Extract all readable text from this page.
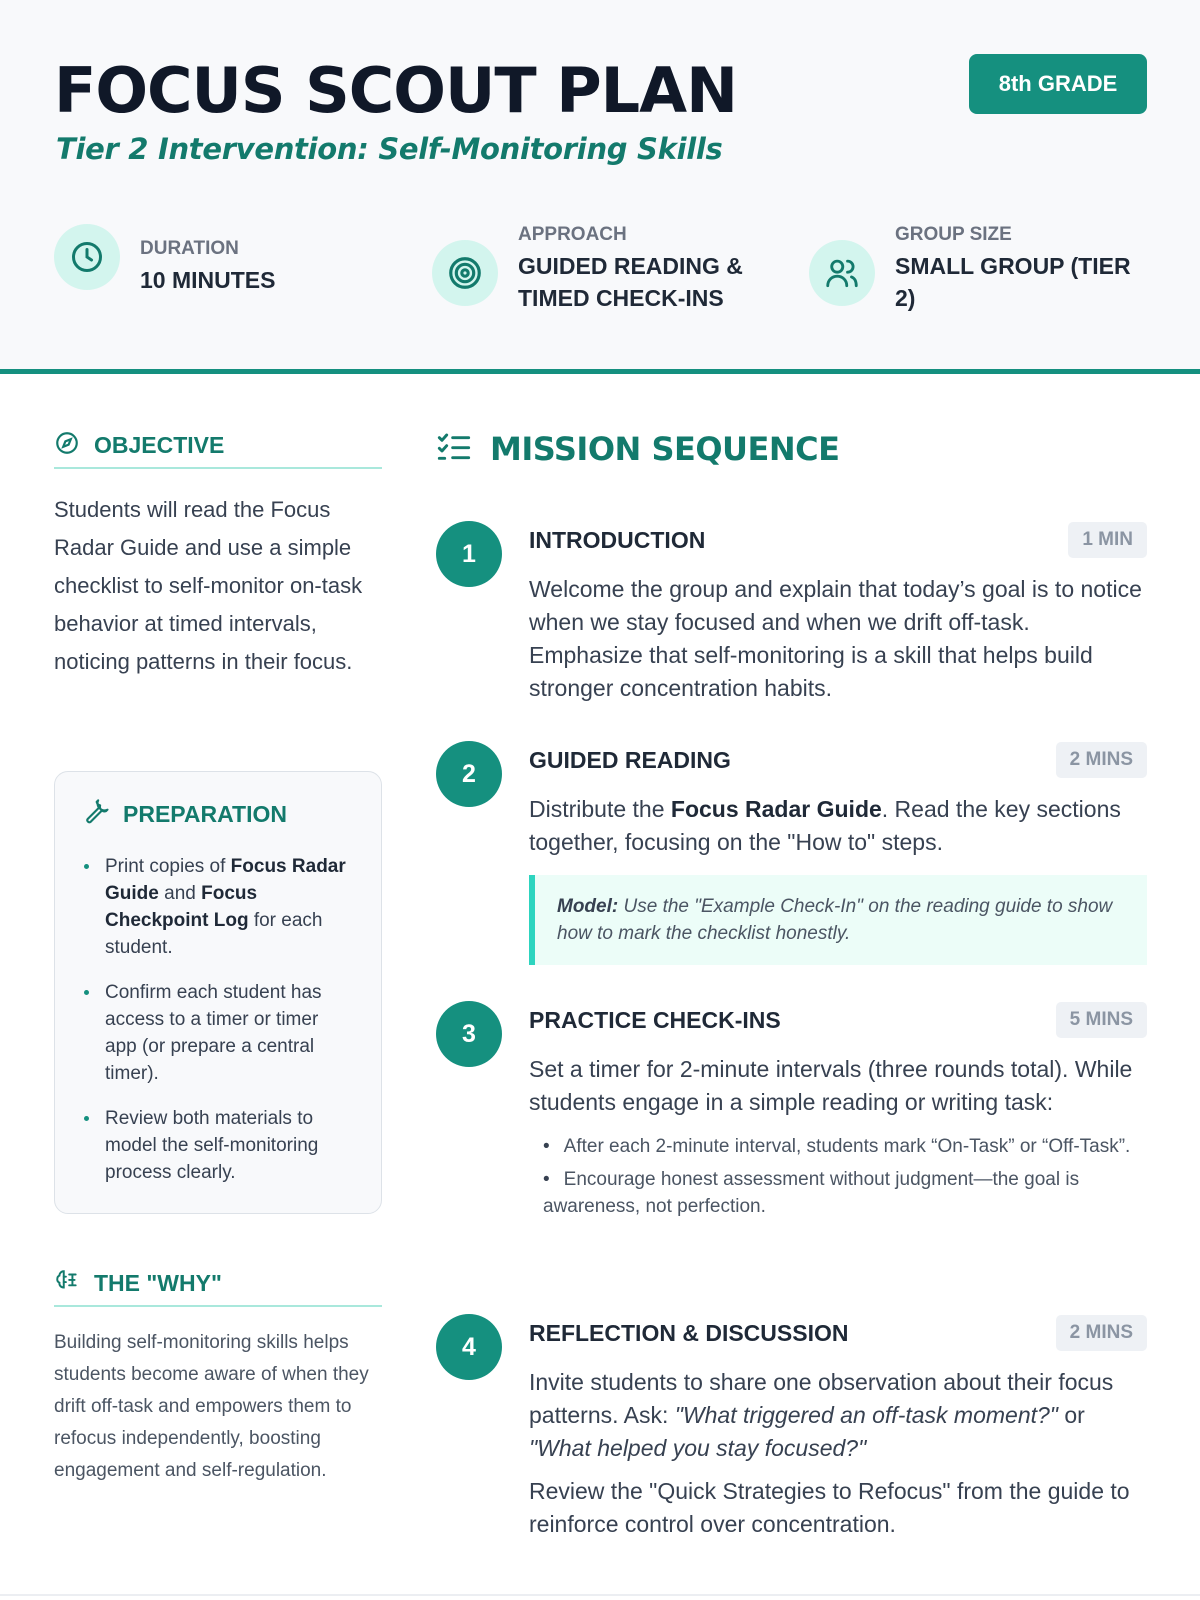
FOCUS SCOUT PLAN
Tier 2 Intervention: Self-Monitoring Skills
8th GRADE
DURATION
10 MINUTES
APPROACH
GUIDED READING & TIMED CHECK-INS
GROUP SIZE
SMALL GROUP (TIER 2)
OBJECTIVE
Students will read the Focus Radar Guide and use a simple checklist to self-monitor on-task behavior at timed intervals, noticing patterns in their focus.
PREPARATION
Print copies of Focus Radar Guide and Focus Checkpoint Log for each student.
Confirm each student has access to a timer or timer app (or prepare a central timer).
Review both materials to model the self-monitoring process clearly.
THE "WHY"
Building self-monitoring skills helps students become aware of when they drift off-task and empowers them to refocus independently, boosting engagement and self-regulation.
MISSION SEQUENCE
1	INTRODUCTION	1 MIN
Welcome the group and explain that today’s goal is to notice when we stay focused and when we drift off-task. Emphasize that self-monitoring is a skill that helps build stronger concentration habits.
2	GUIDED READING	2 MINS
Distribute the Focus Radar Guide. Read the key sections together, focusing on the "How to" steps.
Model: Use the "Example Check-In" on the reading guide to show how to mark the checklist honestly.
3	PRACTICE CHECK-INS	5 MINS
Set a timer for 2-minute intervals (three rounds total). While students engage in a simple reading or writing task:
• After each 2-minute interval, students mark “On-Task” or “Off-Task”.
• Encourage honest assessment without judgment—the goal is awareness, not perfection.
4	REFLECTION & DISCUSSION	2 MINS
Invite students to share one observation about their focus patterns. Ask: "What triggered an off-task moment?" or "What helped you stay focused?"
Review the "Quick Strategies to Refocus" from the guide to reinforce control over concentration.
